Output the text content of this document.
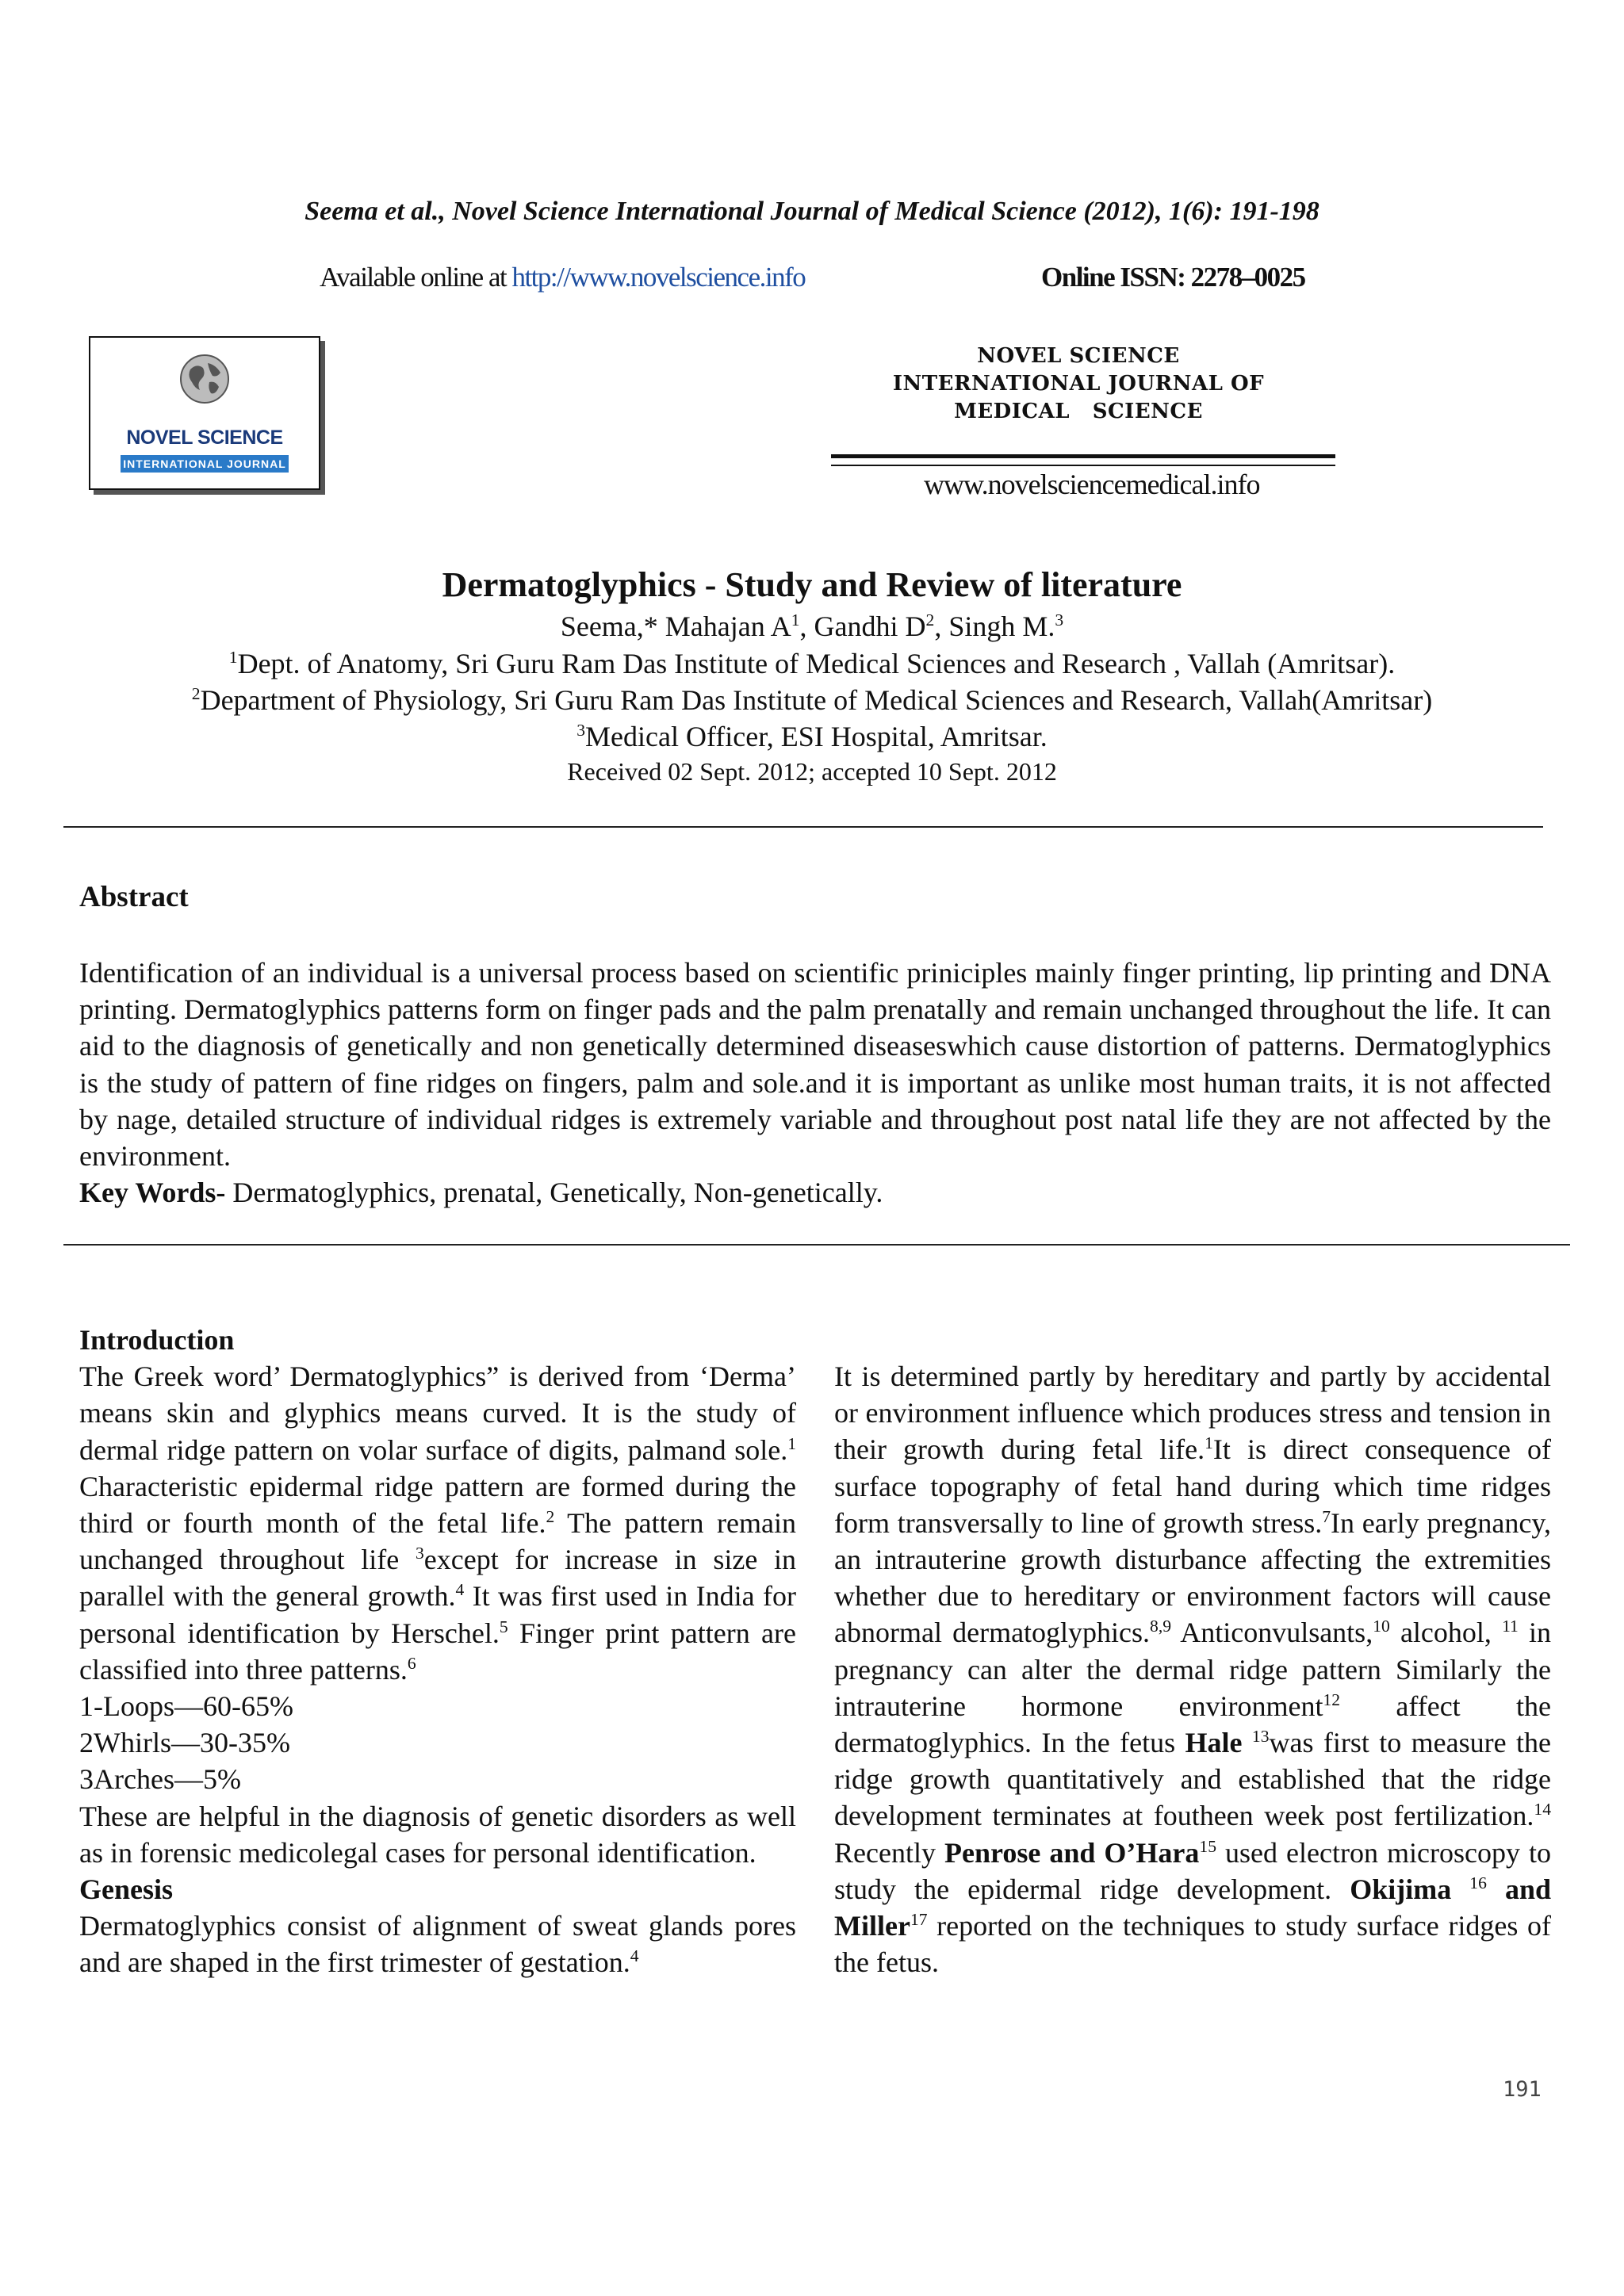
Seema et al., Novel Science International Journal of Medical Science (2012), 1(6): 191-198
Available online at http://www.novelscience.info	Online ISSN: 2278–0025
NOVEL SCIENCE
INTERNATIONAL JOURNAL
NOVEL SCIENCE
INTERNATIONAL JOURNAL OF
MEDICAL   SCIENCE
www.novelsciencemedical.info
Dermatoglyphics - Study and Review of literature
Seema,* Mahajan $A^1$, Gandhi $D^2$, Singh M.$^3$
$^1$Dept. of Anatomy, Sri Guru Ram Das Institute of Medical Sciences and Research , Vallah (Amritsar).
$^2$Department of Physiology, Sri Guru Ram Das Institute of Medical Sciences and Research, Vallah(Amritsar)
$^3$Medical Officer, ESI Hospital, Amritsar.
Received 02 Sept. 2012; accepted 10 Sept. 2012
Abstract
Identification of an individual is a universal process based on scientific priniciples mainly finger printing, lip printing and DNA printing. Dermatoglyphics patterns form on finger pads and the palm prenatally and remain unchanged throughout the life. It can aid to the diagnosis of genetically and non genetically determined diseaseswhich cause distortion of patterns. Dermatoglyphics is the study of pattern of fine ridges on fingers, palm and sole.and it is important as unlike most human traits, it is not affected by nage, detailed structure of individual ridges is extremely variable and throughout post natal life they are not affected by the environment.
Key Words- Dermatoglyphics, prenatal, Genetically, Non-genetically.

Introduction

The Greek word’ Dermatoglyphics” is derived from ‘Derma’ means skin and glyphics means curved. It is the study of dermal ridge pattern on volar surface of digits, palmand sole.$^1$ Characteristic epidermal ridge pattern are formed during the third or fourth month of the fetal life.$^2$ The pattern remain unchanged throughout life $^3$except for increase in size in parallel with the general growth.$^4$ It was first used in India for personal identification by Herschel.$^5$ Finger print pattern are classified into three patterns.$^6$

1-Loops—60-65%

2Whirls—30-35%

3Arches—5%

These are helpful in the diagnosis of genetic disorders as well as in forensic medicolegal cases for personal identification.

Genesis

Dermatoglyphics consist of alignment of sweat glands pores and are shaped in the first trimester of gestation.$^4$

It is determined partly by hereditary and partly by accidental or environment influence which produces stress and tension in their growth during fetal life.$^1$It is direct consequence of surface topography of fetal hand during which time ridges form transversally to line of growth stress.$^7$In early pregnancy, an intrauterine growth disturbance affecting the extremities whether due to hereditary or environment factors will cause abnormal dermatoglyphics.$^{8,9}$ Anticonvulsants,$^{10}$ alcohol, $^{11}$ in pregnancy can alter the dermal ridge pattern Similarly the intrauterine hormone environment$^{12}$ affect the dermatoglyphics. In the fetus Hale $^{13}$was first to measure the ridge growth quantitatively and established that the ridge development terminates at foutheen week post fertilization.$^{14}$ Recently Penrose and O’Hara$^{15}$ used electron microscopy to study the epidermal ridge development. Okijima $^{16}$ and Miller$^{17}$ reported on the techniques to study surface ridges of the fetus.

191
